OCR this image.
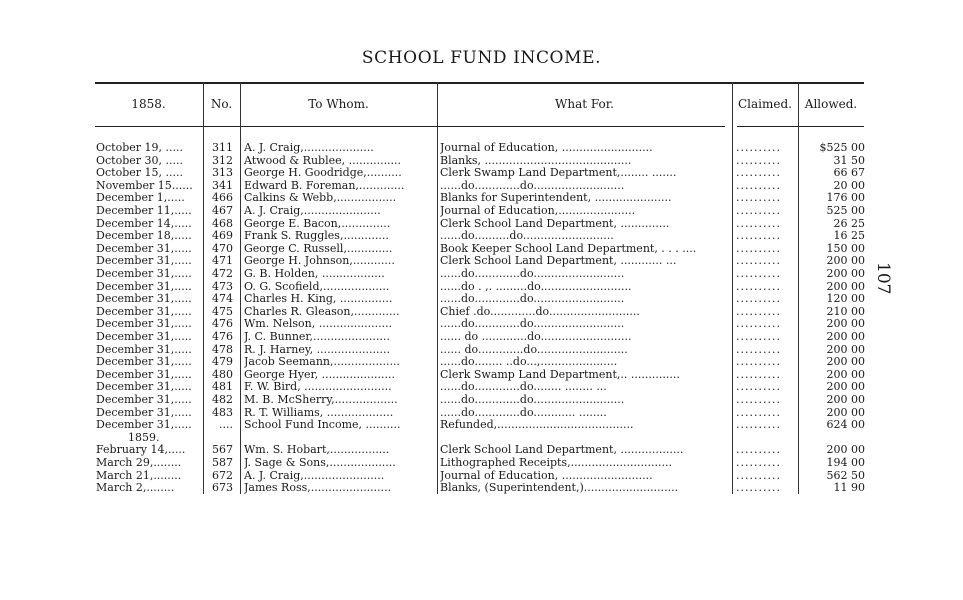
SCHOOL FUND INCOME.
107
1858.	No.	To Whom.	What For.	Claimed.	Allowed.
October 19, .....	311 A. J. Craig,....................	Journal of Education, ..........................	..........	$525 00
October 30, .....	312 Atwood & Rublee, ...............	Blanks, ..........................................	..........	31 50
October 15, .....	313 George H. Goodridge,..........	Clerk Swamp Land Department,........ .......	..........	66 67
November 15......	341 Edward B. Foreman,.............	......do.............do..........................	..........	20 00
December 1,.....	466 Calkins & Webb,.................	Blanks for Superintendent, ......................	..........	176 00
December 11,.....	467 A. J. Craig,......................	Journal of Education,......................	..........	525 00
December 14,.....	468 George E. Bacon,..............	Clerk School Land Department, ..............	..........	26 25
December 18,.....	469 Frank S. Ruggles,.............	......do..........do..........................	..........	16 25
December 31,.....	470 George C. Russell,.............	Book Keeper School Land Department, . . . ....	..........	150 00
December 31,.....	471 George H. Johnson,............	Clerk School Land Department, ............ ...	..........	200 00
December 31,.....	472 G. B. Holden, ..................	......do.............do..........................	..........	200 00
December 31,.....	473 O. G. Scofield,...................	......do . ,. .........do..........................	..........	200 00
December 31,.....	474 Charles H. King, ...............	......do.............do..........................	..........	120 00
December 31,.....	475 Charles R. Gleason,.............	Chief .do.............do..........................	..........	210 00
December 31,.....	476 Wm. Nelson, .....................	......do.............do..........................	..........	200 00
December 31,.....	476 J. C. Bunner,......................	...... do .............do..........................	..........	200 00
December 31,.....	478 R. J. Harney, .....................	...... do.............do..........................	..........	200 00
December 31,.....	479 Jacob Seemann,...................	......do........ ..do...,......................	..........	200 00
December 31,.....	480 George Hyer, .....................	Clerk Swamp Land Department,.. ..............	..........	200 00
December 31,.....	481 F. W. Bird, .........................	......do.............do........ ........ ...	..........	200 00
December 31,.....	482 M. B. McSherry,..................	......do.............do..........................	..........	200 00
December 31,.....	483 R. T. Williams, ...................	......do.............do............ ........	..........	200 00
December 31,.....	.... School Fund Income, ..........	Refunded,.......................................	..........	624 00
1859.
February 14,.....	567 Wm. S. Hobart,.................	Clerk School Land Department, ..................	..........	200 00
March 29,........	587 J. Sage & Sons,...................	Lithographed Receipts,.............................	..........	194 00
March 21,........	672 A. J. Craig,.......................	Journal of Education, ..........................	..........	562 50
March 2,........	673 James Ross,.......................	Blanks, (Superintendent,)...........................	..........	11 90
